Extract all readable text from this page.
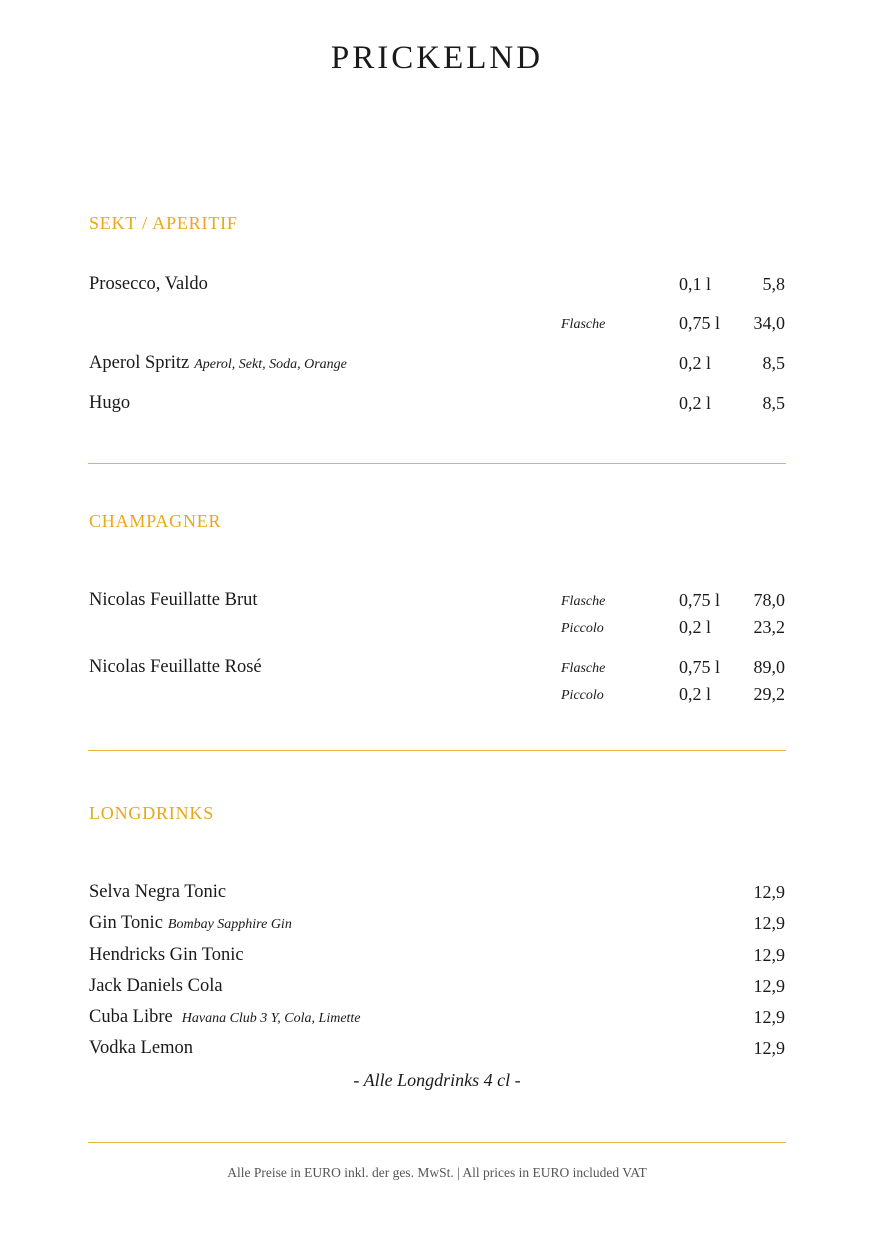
PRICKELND
SEKT / APERITIF
Prosecco, Valdo	0,1 l	5,8
Flasche	0,75 l 34,0
Aperol Spritz Aperol, Sekt, Soda, Orange	0,2 l	8,5
Hugo	0,2 l	8,5
CHAMPAGNER
Nicolas Feuillatte Brut	Flasche	0,75 l 78,0
Piccolo	0,2 l 23,2
Nicolas Feuillatte Rosé	Flasche	0,75 l 89,0
Piccolo	0,2 l 29,2
LONGDRINKS
Selva Negra Tonic	12,9
Gin Tonic Bombay Sapphire Gin	12,9
Hendricks Gin Tonic	12,9
Jack Daniels Cola	12,9
Cuba Libre Havana Club 3 Y, Cola, Limette	12,9
Vodka Lemon	12,9
- Alle Longdrinks 4 cl -
Alle Preise in EURO inkl. der ges. MwSt. | All prices in EURO included VAT
